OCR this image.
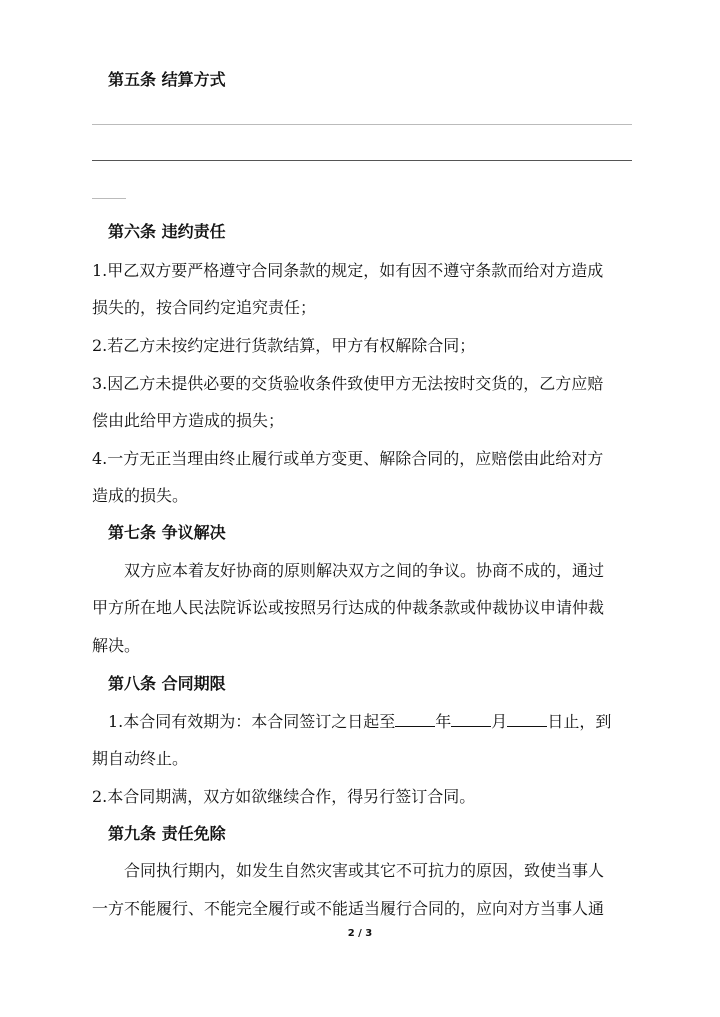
第五条 结算方式
第六条 违约责任
1.甲乙双方要严格遵守合同条款的规定，如有因不遵守条款而给对方造成
损失的，按合同约定追究责任；
2.若乙方未按约定进行货款结算，甲方有权解除合同；
3.因乙方未提供必要的交货验收条件致使甲方无法按时交货的，乙方应赔
偿由此给甲方造成的损失；
4.一方无正当理由终止履行或单方变更、解除合同的，应赔偿由此给对方
造成的损失。
第七条 争议解决
双方应本着友好协商的原则解决双方之间的争议。协商不成的，通过
甲方所在地人民法院诉讼或按照另行达成的仲裁条款或仲裁协议申请仲裁
解决。
第八条 合同期限
1.本合同有效期为：本合同签订之日起至	年	月	日止，到
期自动终止。
2.本合同期满，双方如欲继续合作，得另行签订合同。
第九条 责任免除
合同执行期内，如发生自然灾害或其它不可抗力的原因，致使当事人
一方不能履行、不能完全履行或不能适当履行合同的，应向对方当事人通
2 / 3
